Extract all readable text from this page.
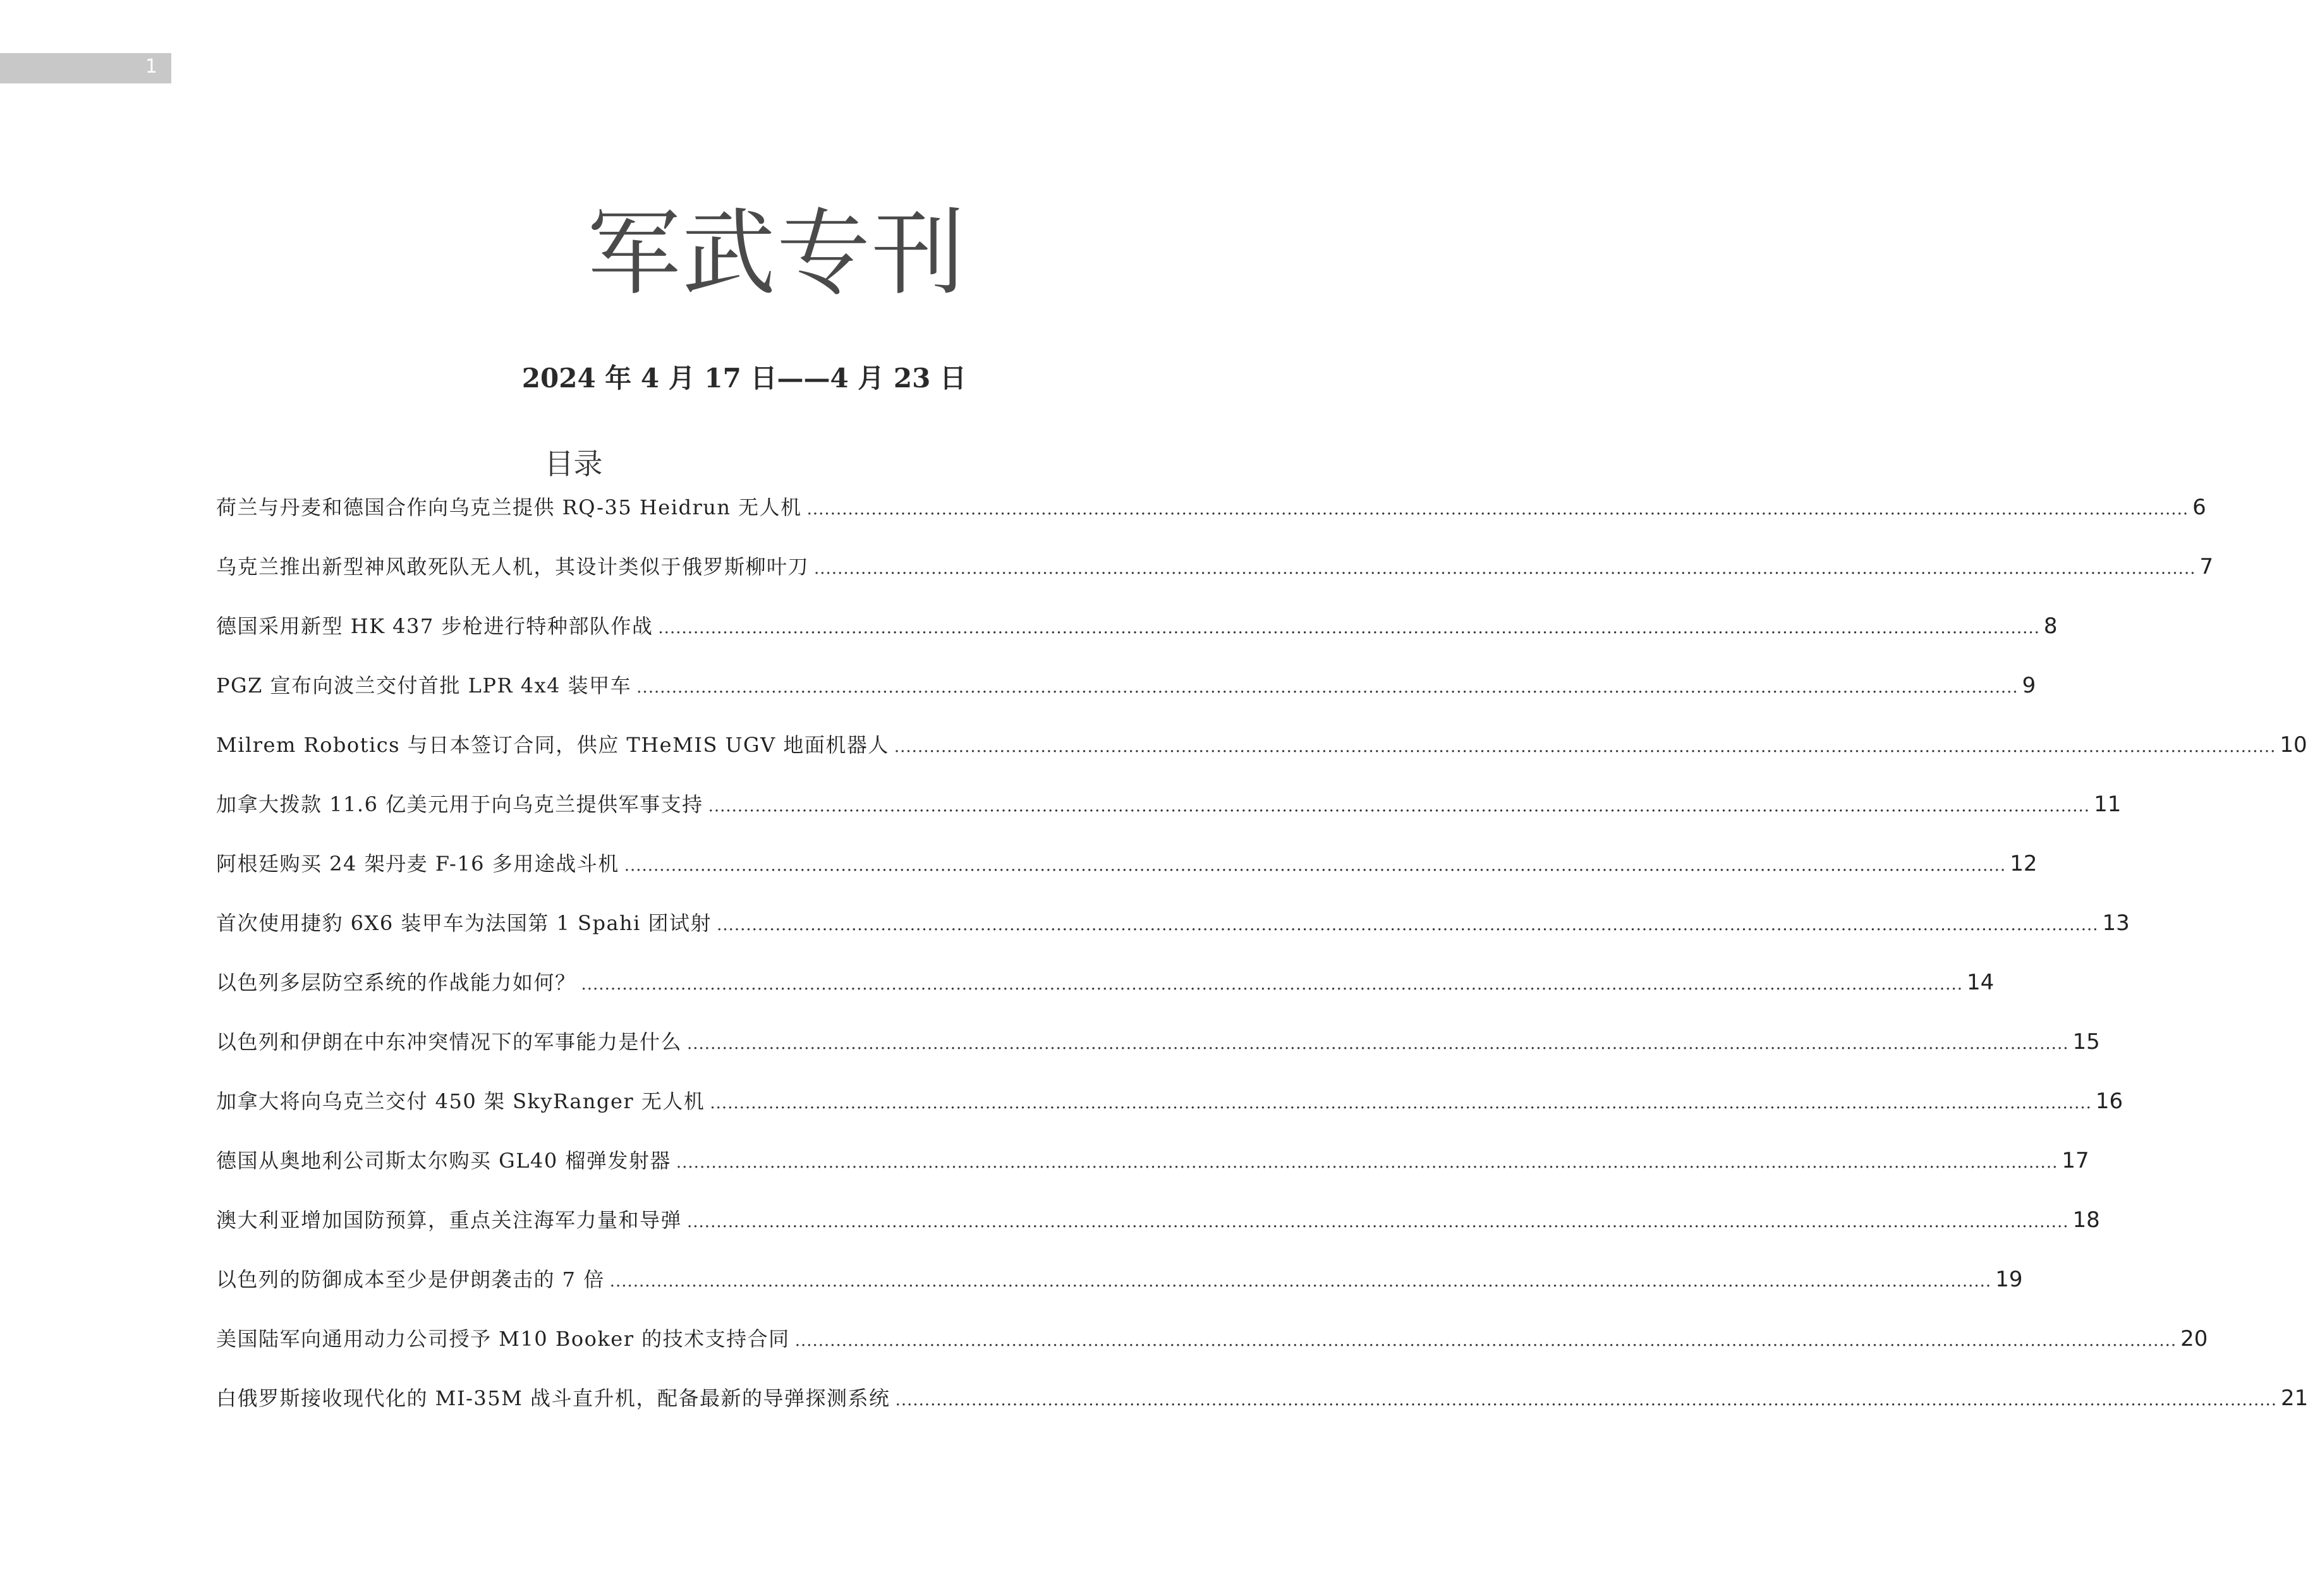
1
军武专刊
2024 年 4 月 17 日——4 月 23 日
目录
荷兰与丹麦和德国合作向乌克兰提供 RQ-35 Heidrun 无人机 .....	6
乌克兰推出新型神风敢死队无人机，其设计类似于俄罗斯柳叶刀 .....	7
德国采用新型 HK 437 步枪进行特种部队作战 .....	8
PGZ 宣布向波兰交付首批 LPR 4x4 装甲车 .....	9
Milrem Robotics 与日本签订合同，供应 THeMIS UGV 地面机器人 .....	10
加拿大拨款 11.6 亿美元用于向乌克兰提供军事支持 .....	11
阿根廷购买 24 架丹麦 F-16 多用途战斗机 .....	12
首次使用捷豹 6X6 装甲车为法国第 1 Spahi 团试射 .....	13
以色列多层防空系统的作战能力如何？ .....	14
以色列和伊朗在中东冲突情况下的军事能力是什么 .....	15
加拿大将向乌克兰交付 450 架 SkyRanger 无人机 .....	16
德国从奥地利公司斯太尔购买 GL40 榴弹发射器 .....	17
澳大利亚增加国防预算，重点关注海军力量和导弹 .....	18
以色列的防御成本至少是伊朗袭击的 7 倍 .....	19
美国陆军向通用动力公司授予 M10 Booker 的技术支持合同 .....	20
白俄罗斯接收现代化的 MI-35M 战斗直升机，配备最新的导弹探测系统 .....	21
